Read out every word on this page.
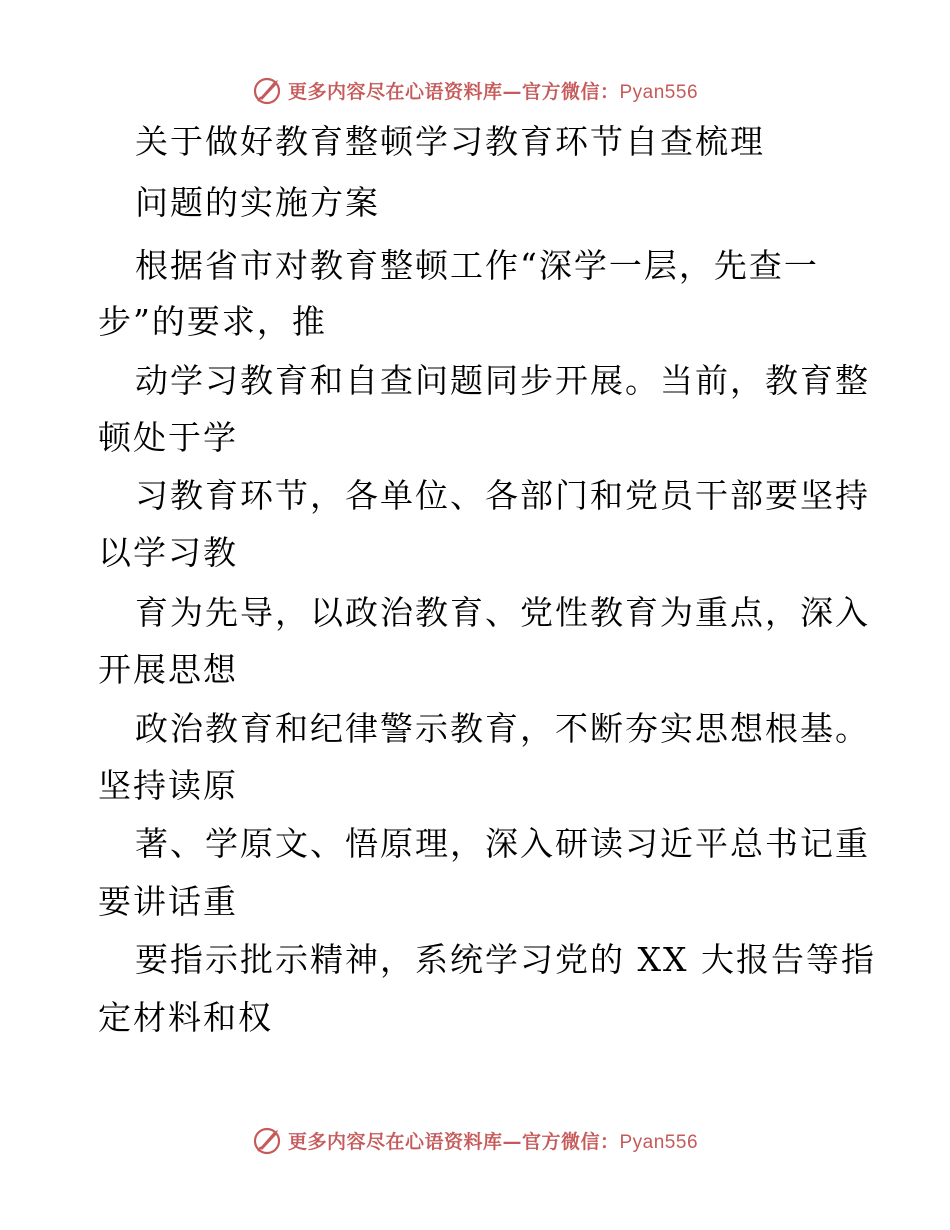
更多内容尽在心语资料库—官方微信：Pyan556
关于做好教育整顿学习教育环节自查梳理
问题的实施方案
根据省市对教育整顿工作“深学一层，先查一
步”的要求，推
动学习教育和自查问题同步开展。当前，教育整
顿处于学
习教育环节，各单位、各部门和党员干部要坚持
以学习教
育为先导，以政治教育、党性教育为重点，深入
开展思想
政治教育和纪律警示教育，不断夯实思想根基。
坚持读原
著、学原文、悟原理，深入研读习近平总书记重
要讲话重
要指示批示精神，系统学习党的 XX 大报告等指
定材料和权
更多内容尽在心语资料库—官方微信：Pyan556
